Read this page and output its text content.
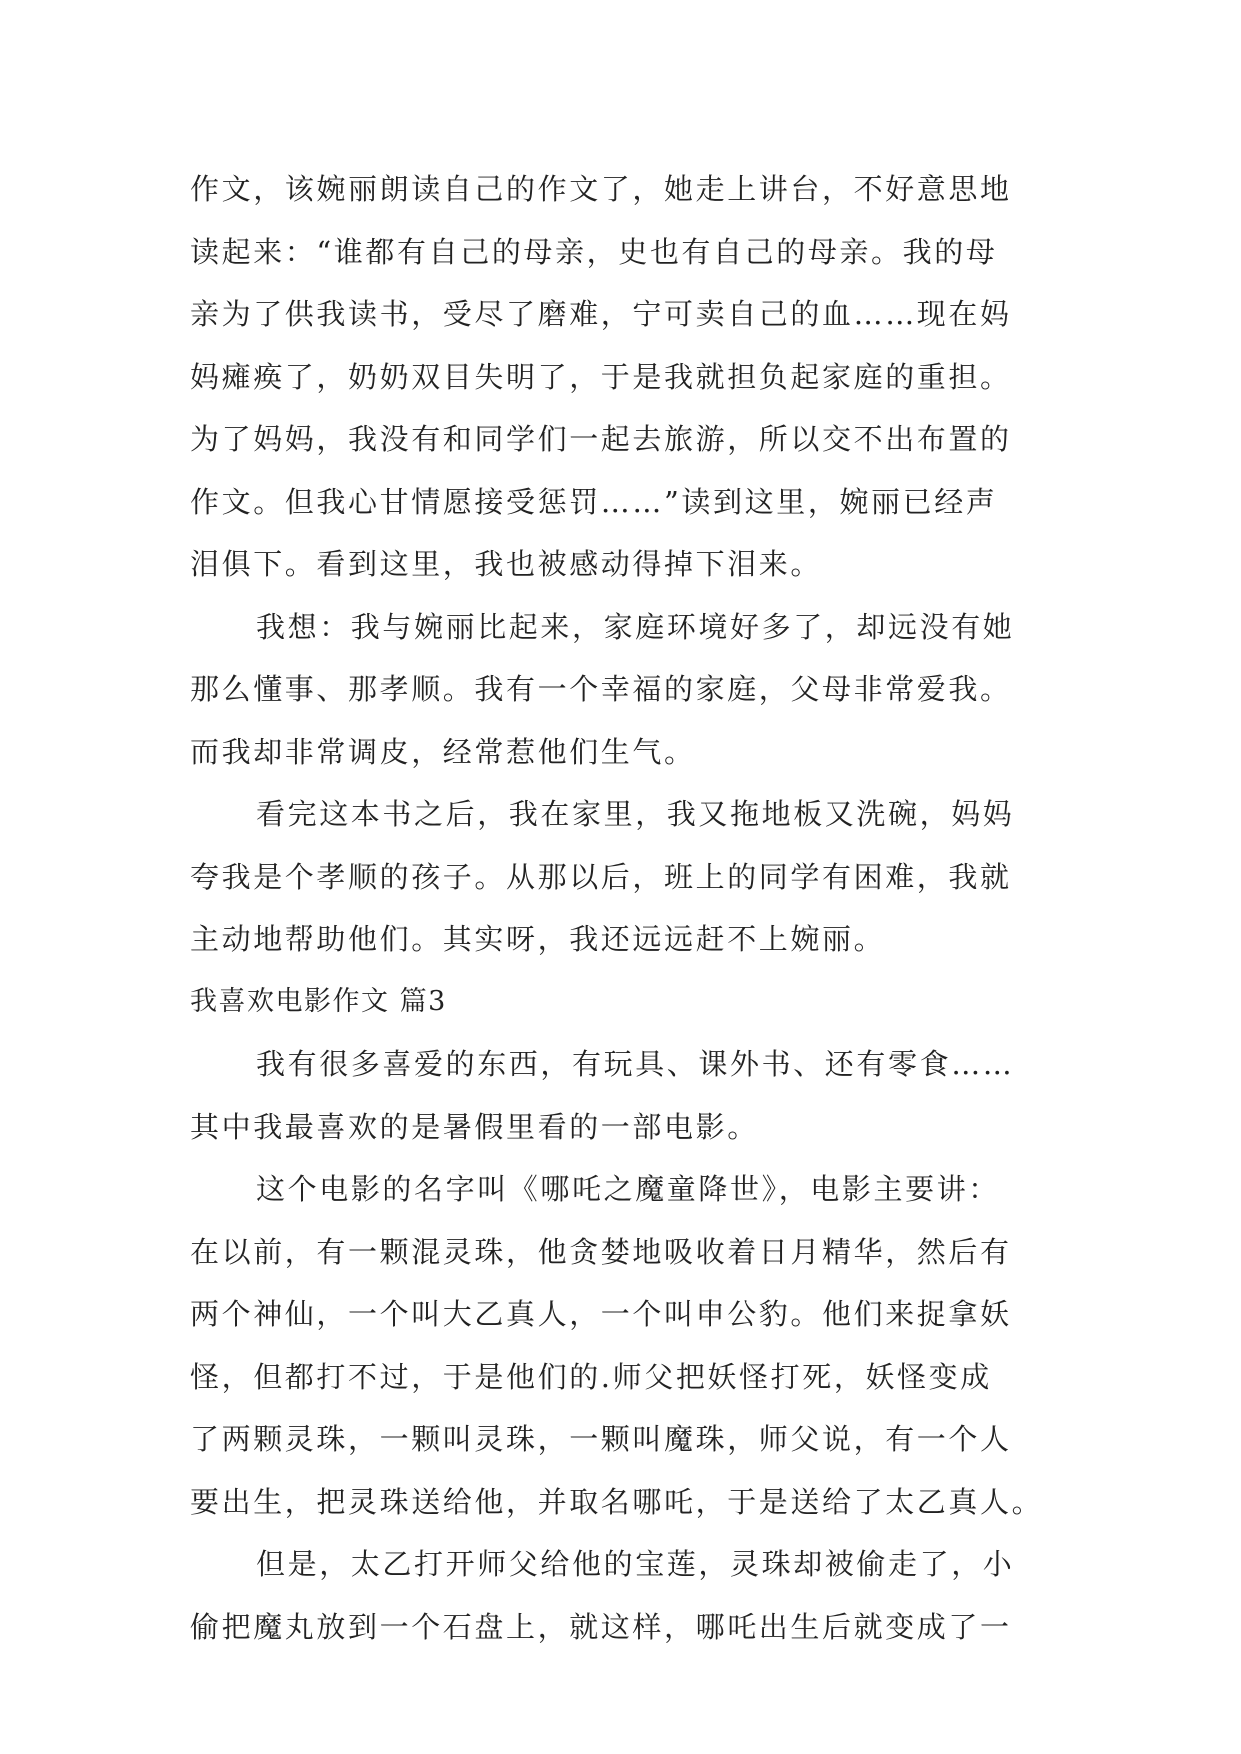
作文，该婉丽朗读自己的作文了，她走上讲台，不好意思地
读起来：“谁都有自己的母亲，史也有自己的母亲。我的母
亲为了供我读书，受尽了磨难，宁可卖自己的血……现在妈
妈瘫痪了，奶奶双目失明了，于是我就担负起家庭的重担。
为了妈妈，我没有和同学们一起去旅游，所以交不出布置的
作文。但我心甘情愿接受惩罚……”读到这里，婉丽已经声
泪俱下。看到这里，我也被感动得掉下泪来。
我想：我与婉丽比起来，家庭环境好多了，却远没有她
那么懂事、那孝顺。我有一个幸福的家庭，父母非常爱我。
而我却非常调皮，经常惹他们生气。
看完这本书之后，我在家里，我又拖地板又洗碗，妈妈
夸我是个孝顺的孩子。从那以后，班上的同学有困难，我就
主动地帮助他们。其实呀，我还远远赶不上婉丽。
我喜欢电影作文 篇3
我有很多喜爱的东西，有玩具、课外书、还有零食……
其中我最喜欢的是暑假里看的一部电影。
这个电影的名字叫《哪吒之魔童降世》，电影主要讲：
在以前，有一颗混灵珠，他贪婪地吸收着日月精华，然后有
两个神仙，一个叫大乙真人，一个叫申公豹。他们来捉拿妖
怪，但都打不过，于是他们的.师父把妖怪打死，妖怪变成
了两颗灵珠，一颗叫灵珠，一颗叫魔珠，师父说，有一个人
要出生，把灵珠送给他，并取名哪吒，于是送给了太乙真人。
但是，太乙打开师父给他的宝莲，灵珠却被偷走了，小
偷把魔丸放到一个石盘上，就这样，哪吒出生后就变成了一
